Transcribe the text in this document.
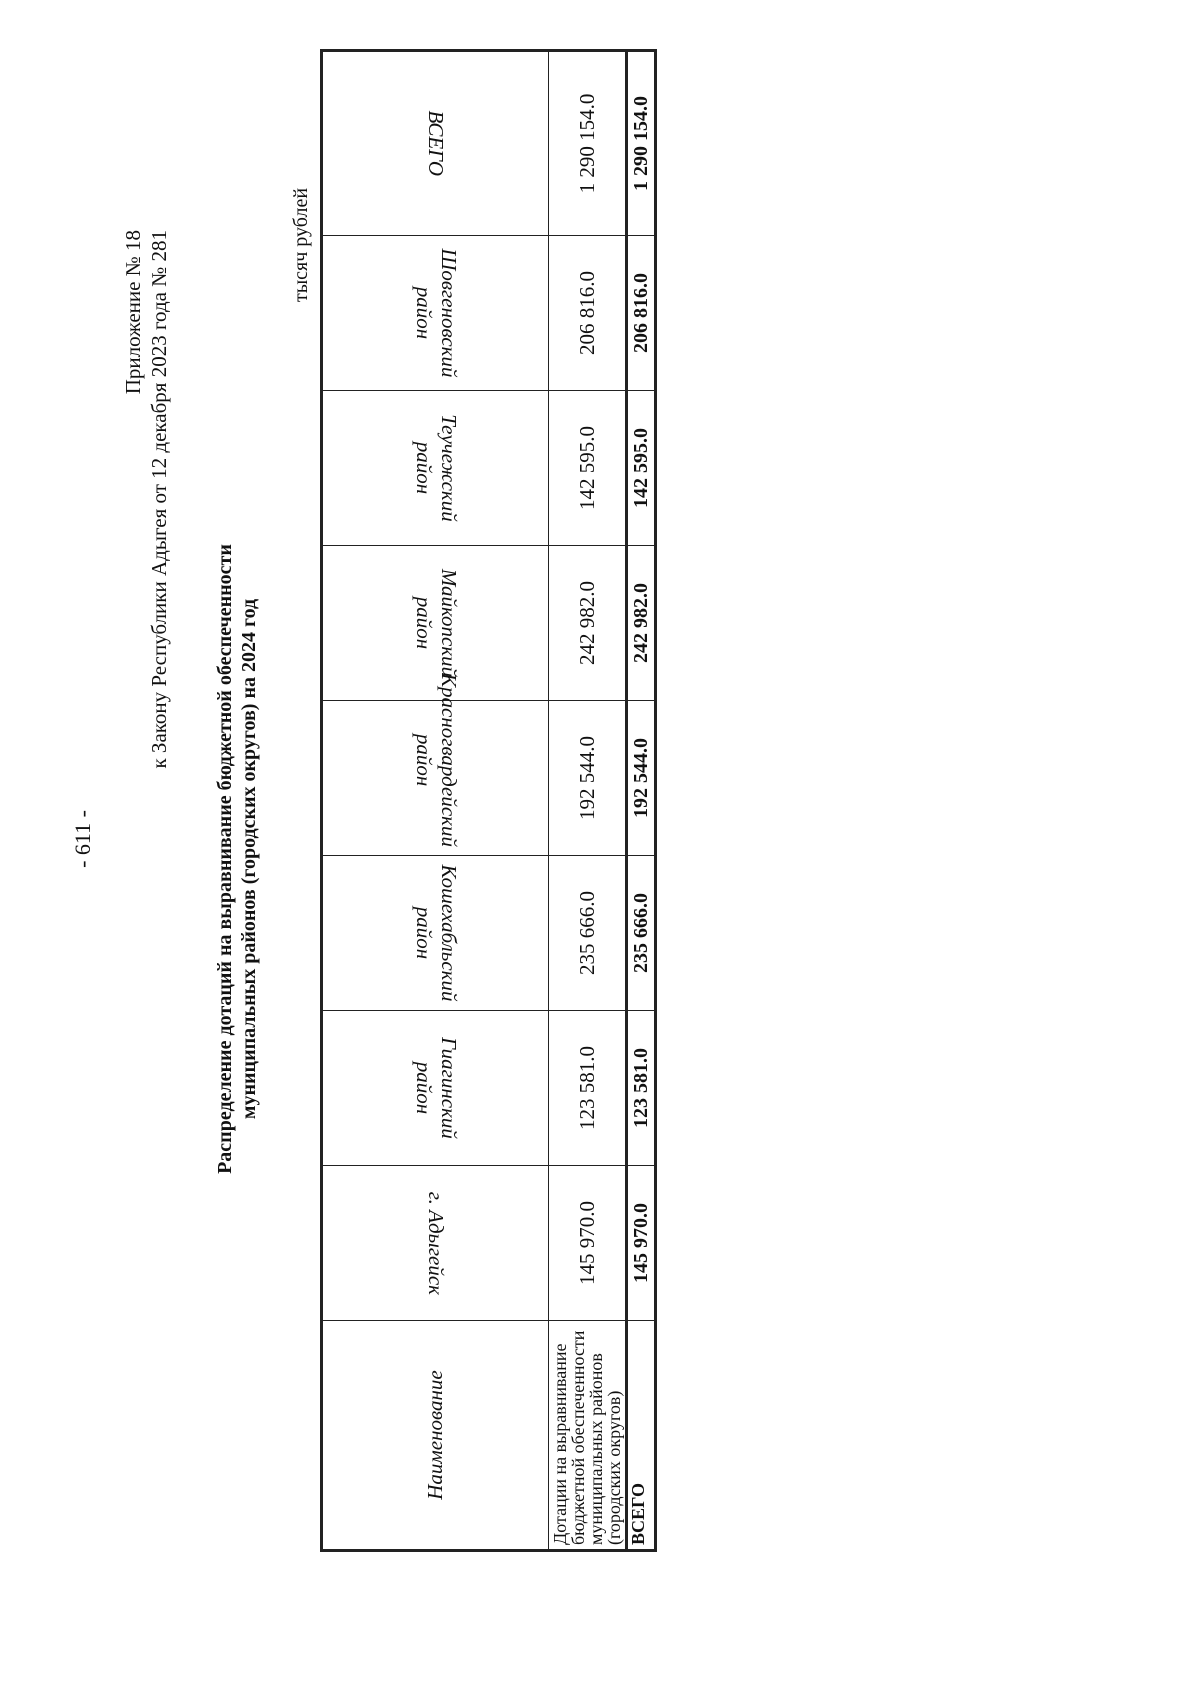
- 611 -
Приложение № 18 к Закону Республики Адыгея от 12 декабря 2023 года № 281
Распределение дотаций на выравнивание бюджетной обеспеченности муниципальных районов (городских округов) на 2024 год
тысяч рублей
Наименование	г. Адыгейск	Гиагинский район	Кошехабльский район	Красногвардейский район	Майкопский район	Теучежский район	Шовгеновский район	ВСЕГО
Дотации на выравнивание бюджетной обеспеченности муниципальных районов (городских округов)	145 970.0	123 581.0	235 666.0	192 544.0	242 982.0	142 595.0	206 816.0	1 290 154.0
ВСЕГО	145 970.0	123 581.0	235 666.0	192 544.0	242 982.0	142 595.0	206 816.0	1 290 154.0
